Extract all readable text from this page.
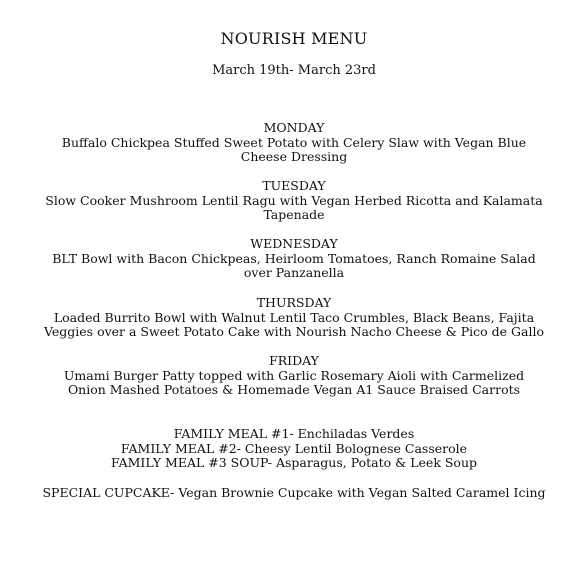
NOURISH MENU
March 19th- March 23rd
MONDAY
Buffalo Chickpea Stuffed Sweet Potato with Celery Slaw with Vegan Blue Cheese Dressing
TUESDAY
Slow Cooker Mushroom Lentil Ragu with Vegan Herbed Ricotta and Kalamata Tapenade
WEDNESDAY
BLT Bowl with Bacon Chickpeas, Heirloom Tomatoes, Ranch Romaine Salad over Panzanella
THURSDAY
Loaded Burrito Bowl with Walnut Lentil Taco Crumbles, Black Beans, Fajita Veggies over a Sweet Potato Cake with Nourish Nacho Cheese & Pico de Gallo
FRIDAY
Umami Burger Patty topped with Garlic Rosemary Aioli with Carmelized Onion Mashed Potatoes & Homemade Vegan A1 Sauce Braised Carrots
FAMILY MEAL #1- Enchiladas Verdes
FAMILY MEAL #2- Cheesy Lentil Bolognese Casserole
FAMILY MEAL #3 SOUP- Asparagus, Potato & Leek Soup
SPECIAL CUPCAKE- Vegan Brownie Cupcake with Vegan Salted Caramel Icing
